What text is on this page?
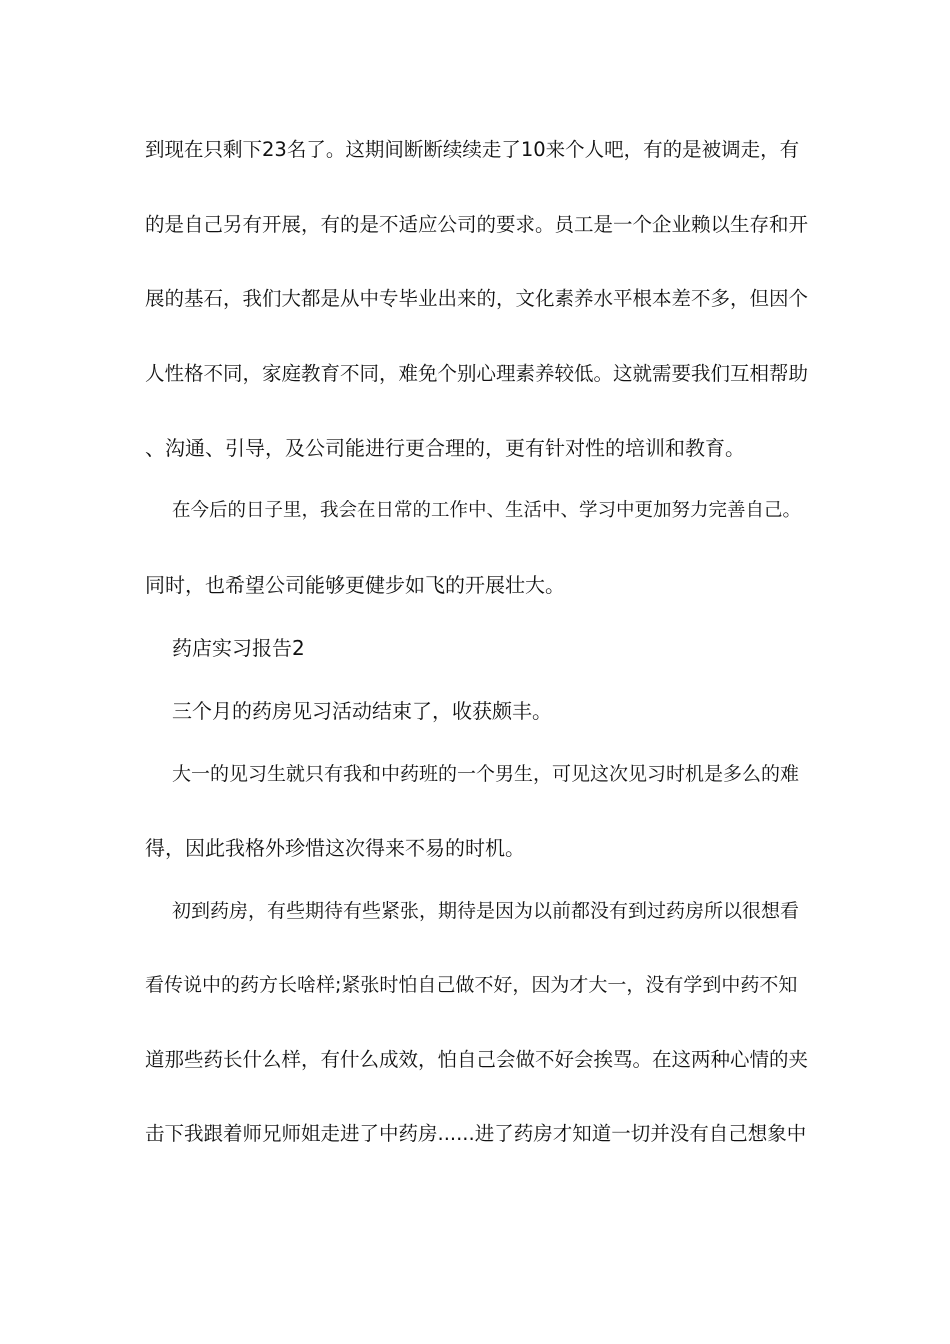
到现在只剩下23名了。这期间断断续续走了10来个人吧，有的是被调走，有
的是自己另有开展，有的是不适应公司的要求。员工是一个企业赖以生存和开
展的基石，我们大都是从中专毕业出来的，文化素养水平根本差不多，但因个
人性格不同，家庭教育不同，难免个别心理素养较低。这就需要我们互相帮助
、沟通、引导，及公司能进行更合理的，更有针对性的培训和教育。
在今后的日子里，我会在日常的工作中、生活中、学习中更加努力完善自己。
同时，也希望公司能够更健步如飞的开展壮大。
药店实习报告2
三个月的药房见习活动结束了，收获颇丰。
大一的见习生就只有我和中药班的一个男生，可见这次见习时机是多么的难
得，因此我格外珍惜这次得来不易的时机。
初到药房，有些期待有些紧张，期待是因为以前都没有到过药房所以很想看
看传说中的药方长啥样;紧张时怕自己做不好，因为才大一，没有学到中药不知
道那些药长什么样，有什么成效，怕自己会做不好会挨骂。在这两种心情的夹
击下我跟着师兄师姐走进了中药房......进了药房才知道一切并没有自己想象中
